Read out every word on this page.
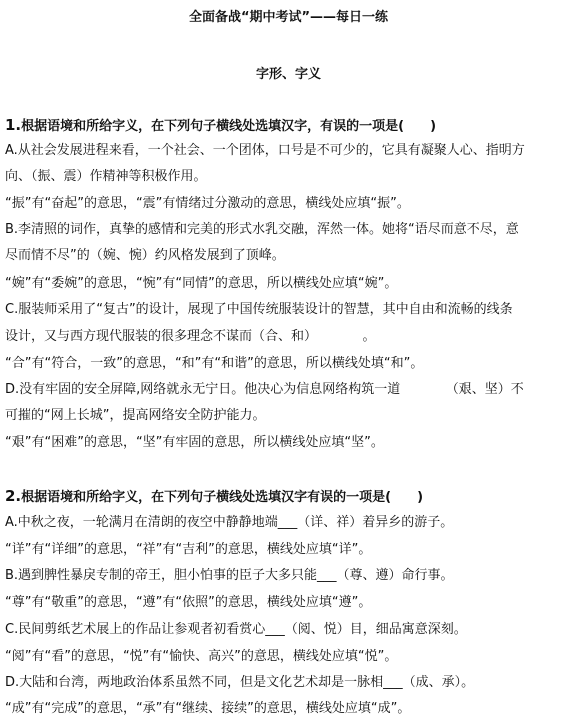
全面备战“期中考试”——每日一练
字形、字义
1.根据语境和所给字义，在下列句子横线处选填汉字，有误的一项是(　　)
A.从社会发展进程来看，一个社会、一个团体，口号是不可少的，它具有凝聚人心、指明方
向、（振、震）作精神等积极作用。
“振”有“奋起”的意思，“震”有情绪过分激动的意思，横线处应填“振”。
B.李清照的词作，真挚的感情和完美的形式水乳交融，浑然一体。她将“语尽而意不尽，意
尽而情不尽”的（婉、惋）约风格发展到了顶峰。
“婉”有“委婉”的意思，“惋”有“同情”的意思，所以横线处应填“婉”。
C.服装师采用了“复古”的设计，展现了中国传统服装设计的智慧，其中自由和流畅的线条
设计，又与西方现代服装的很多理念不谋而（合、和）　　　　。
“合”有“符合，一致”的意思，“和”有“和谐”的意思，所以横线处填“和”。
D.没有牢固的安全屏障,网络就永无宁日。他决心为信息网络构筑一道　　　　（艰、坚）不
可摧的“网上长城”，提高网络安全防护能力。
“艰”有“困难”的意思，“坚”有牢固的意思，所以横线处应填“坚”。
2.根据语境和所给字义，在下列句子横线处选填汉字有误的一项是(　　)
A.中秋之夜，一轮满月在清朗的夜空中静静地端___（详、祥）着异乡的游子。
“详”有“详细”的意思，“祥”有“吉利”的意思，横线处应填“详”。
B.遇到脾性暴戾专制的帝王，胆小怕事的臣子大多只能___（尊、遵）命行事。
“尊”有“敬重”的意思，“遵”有“依照”的意思，横线处应填“遵”。
C.民间剪纸艺术展上的作品让参观者初看赏心___（阅、悦）目，细品寓意深刻。
“阅”有“看”的意思，“悦”有“愉快、高兴”的意思，横线处应填“悦”。
D.大陆和台湾，两地政治体系虽然不同，但是文化艺术却是一脉相___（成、承）。
“成”有“完成”的意思，“承”有“继续、接续”的意思，横线处应填“成”。
